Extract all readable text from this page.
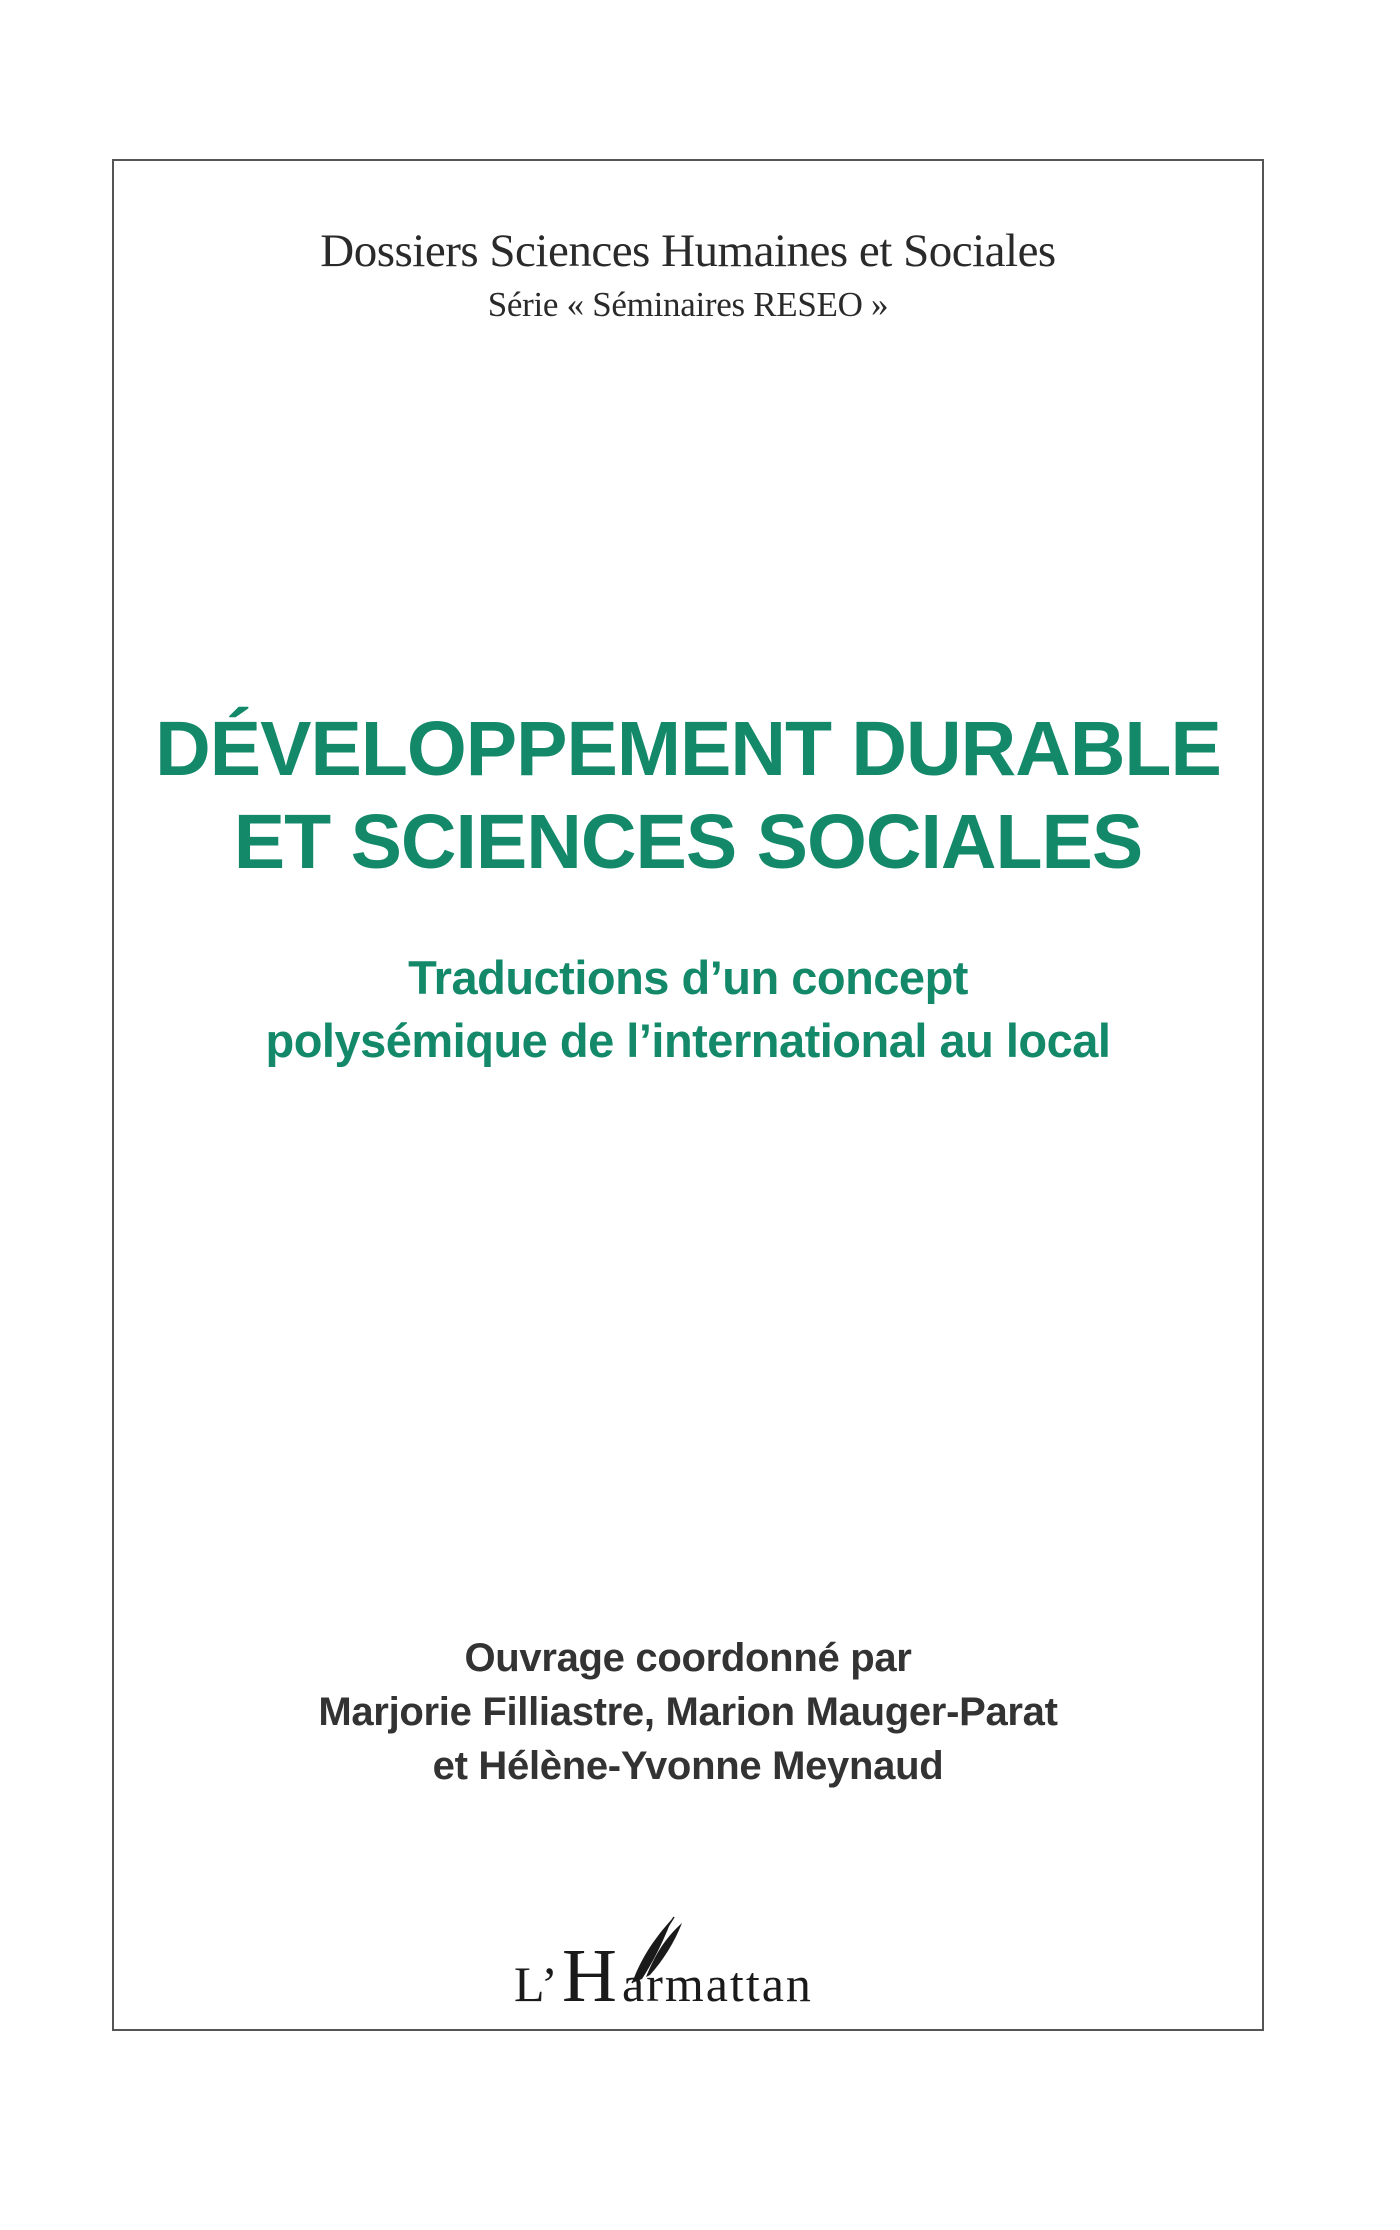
Dossiers Sciences Humaines et Sociales
Série « Séminaires RESEO »
DÉVELOPPEMENT DURABLE
ET SCIENCES SOCIALES
Traductions d’un concept
polysémique de l’international au local
Ouvrage coordonné par
Marjorie Filliastre, Marion Mauger-Parat
et Hélène-Yvonne Meynaud
L’ H armattan
